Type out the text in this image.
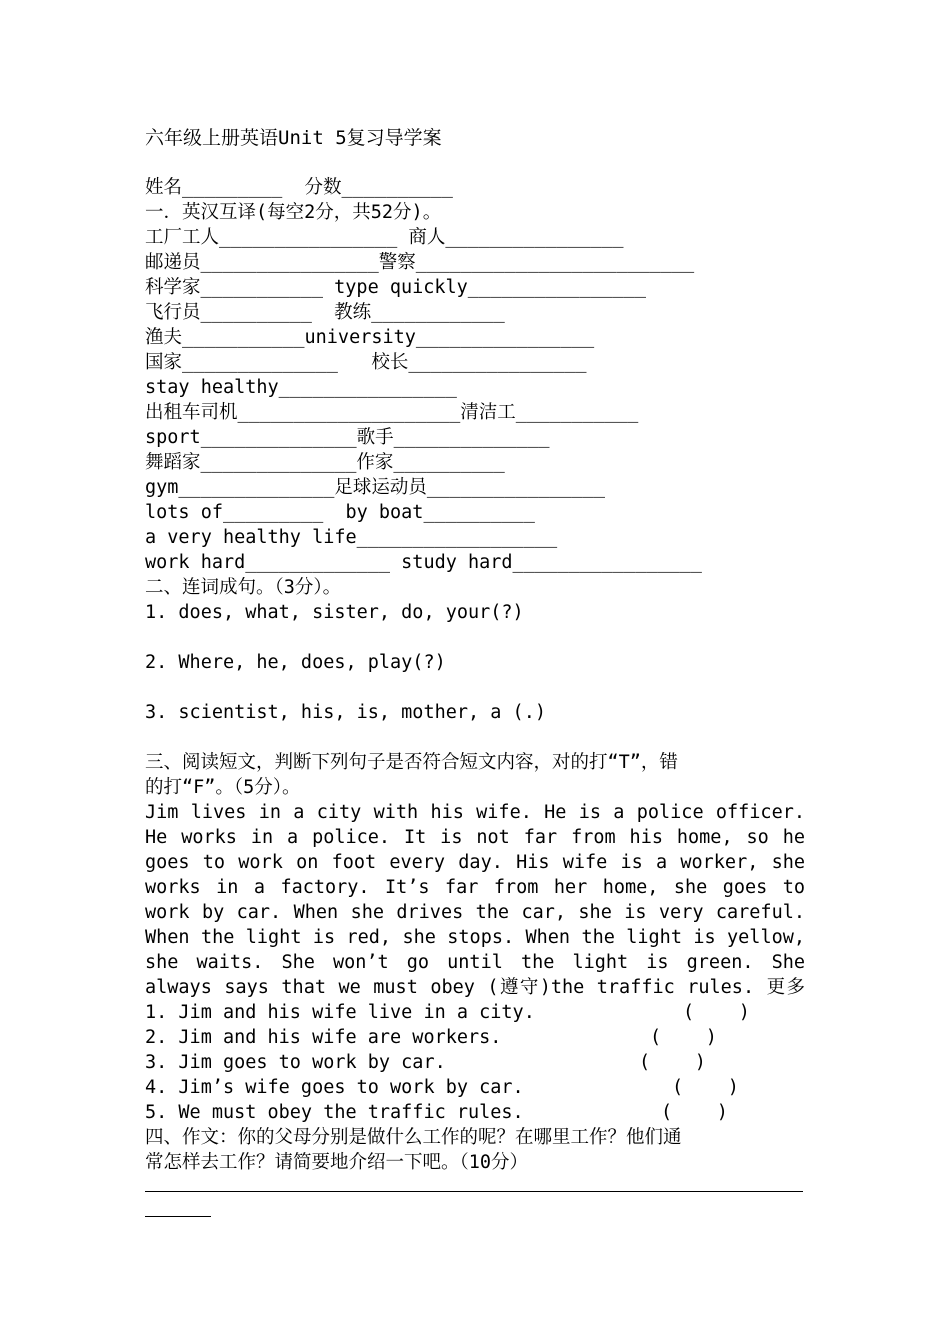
六年级上册英语Unit 5复习导学案
姓名_________  分数__________
一．英汉互译(每空2分，共52分)。
工厂工人________________ 商人________________
邮递员________________警察_________________________
科学家___________ type quickly________________
飞行员__________  教练____________
渔夫___________university________________
国家______________   校长________________
stay healthy________________
出租车司机____________________清洁工___________
sport______________歌手______________
舞蹈家______________作家__________
gym______________足球运动员________________
lots of_________  by boat__________
a very healthy life__________________
work hard_____________ study hard_________________
二、连词成句。（3分）。
1. does, what, sister, do, your(?)
2. Where, he, does, play(?)
3. scientist, his, is, mother, a (.)
三、阅读短文，判断下列句子是否符合短文内容，对的打“T”，错
的打“F”。（5分）。
Jim lives in a city with his wife. He is a police officer.
He works in a police. It is not far from his home, so he
goes to work on foot every day. His wife is a worker, she
works in a factory. It’s far from her home, she goes to
work by car. When she drives the car, she is very careful.
When the light is red, she stops. When the light is yellow,
she waits. She won’t go until the light is green. She
always says that we must obey (遵守)the traffic rules. 更多
1. Jim and his wife live in a city.	(    )
2. Jim and his wife are workers.	(    )
3. Jim goes to work by car.	(    )
4. Jim’s wife goes to work by car.	(    )
5. We must obey the traffic rules.	(    )
四、作文：你的父母分别是做什么工作的呢？在哪里工作？他们通
常怎样去工作？请简要地介绍一下吧。（10分）
